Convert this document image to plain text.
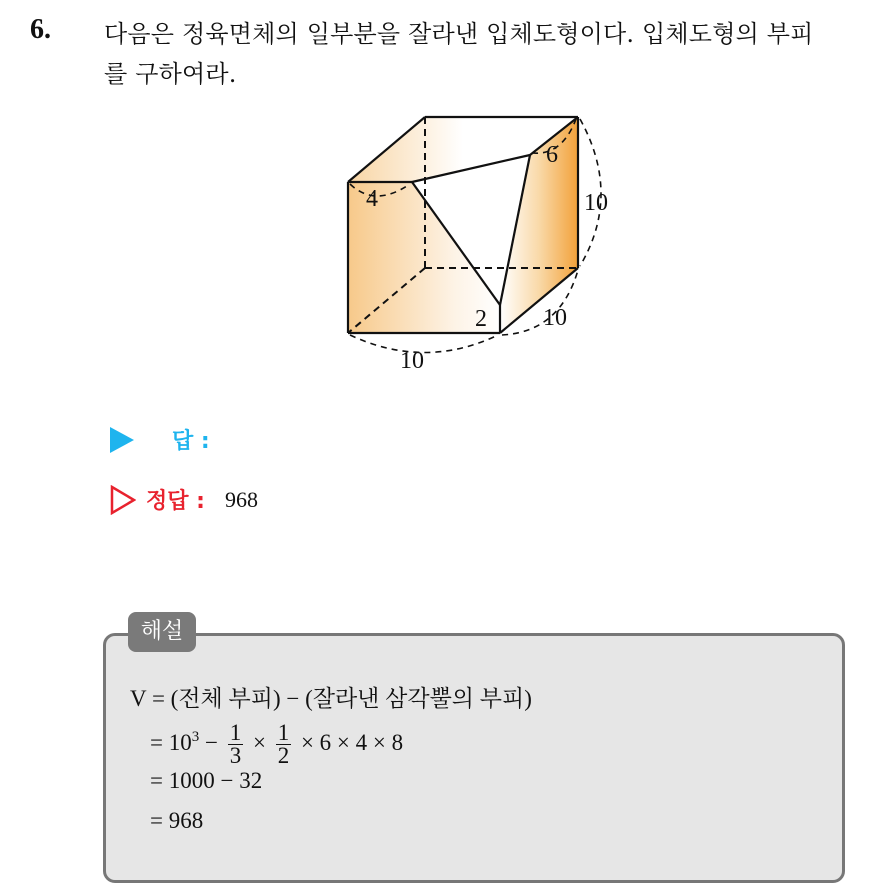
6. 다음은 정육면체의 일부분을 잘라낸 입체도형이다. 입체도형의 부피
를 구하여라.
4
6
10
2 10
10
답 :
정답 : 968
해설
V = (전체 부피) − (잘라낸 삼각뿔의 부피)
= $10^3 - \frac{1}{3} \times \frac{1}{2} \times 6 \times 4 \times 8$
= 1000 − 32
= 968
